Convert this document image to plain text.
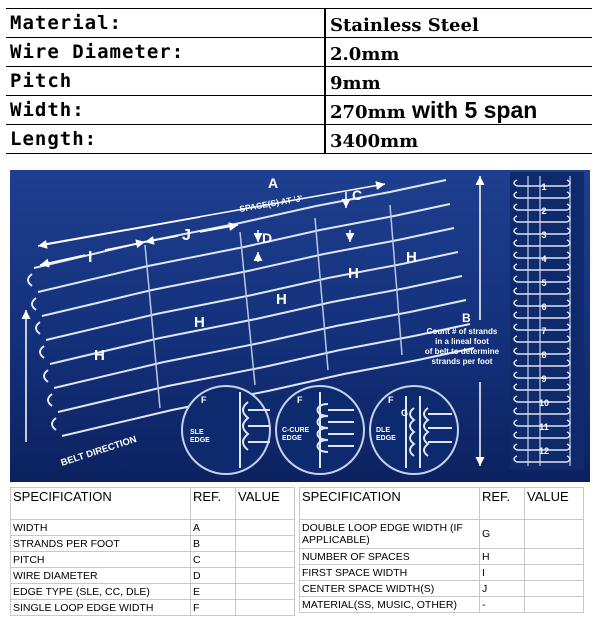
Material:	Stainless Steel
Wire Diameter:	2.0mm
Pitch	9mm
Width:	270mm with 5 span
Length:	3400mm
A
SPACE(S) AT 'J'	C
I
J	D
H
H
H
H
H
B
Count # of strands
in a lineal foot
of belt to determine
strands per foot
BELT DIRECTION
F
SLE
EDGE
F
C-CURE
EDGE
F
G
DLE
EDGE
1
2
3
4
5
6
7
8
9
10
11
12
SPECIFICATION	REF.	VALUE
WIDTH	A	
STRANDS PER FOOT	B	
PITCH	C	
WIRE DIAMETER	D	
EDGE TYPE (SLE, CC, DLE)	E	
SINGLE LOOP EDGE WIDTH	F	
SPECIFICATION	REF.	VALUE
DOUBLE LOOP EDGE WIDTH (IF APPLICABLE)	G	
NUMBER OF SPACES	H	
FIRST SPACE WIDTH	I	
CENTER SPACE WIDTH(S)	J	
MATERIAL(SS, MUSIC, OTHER)	-	
